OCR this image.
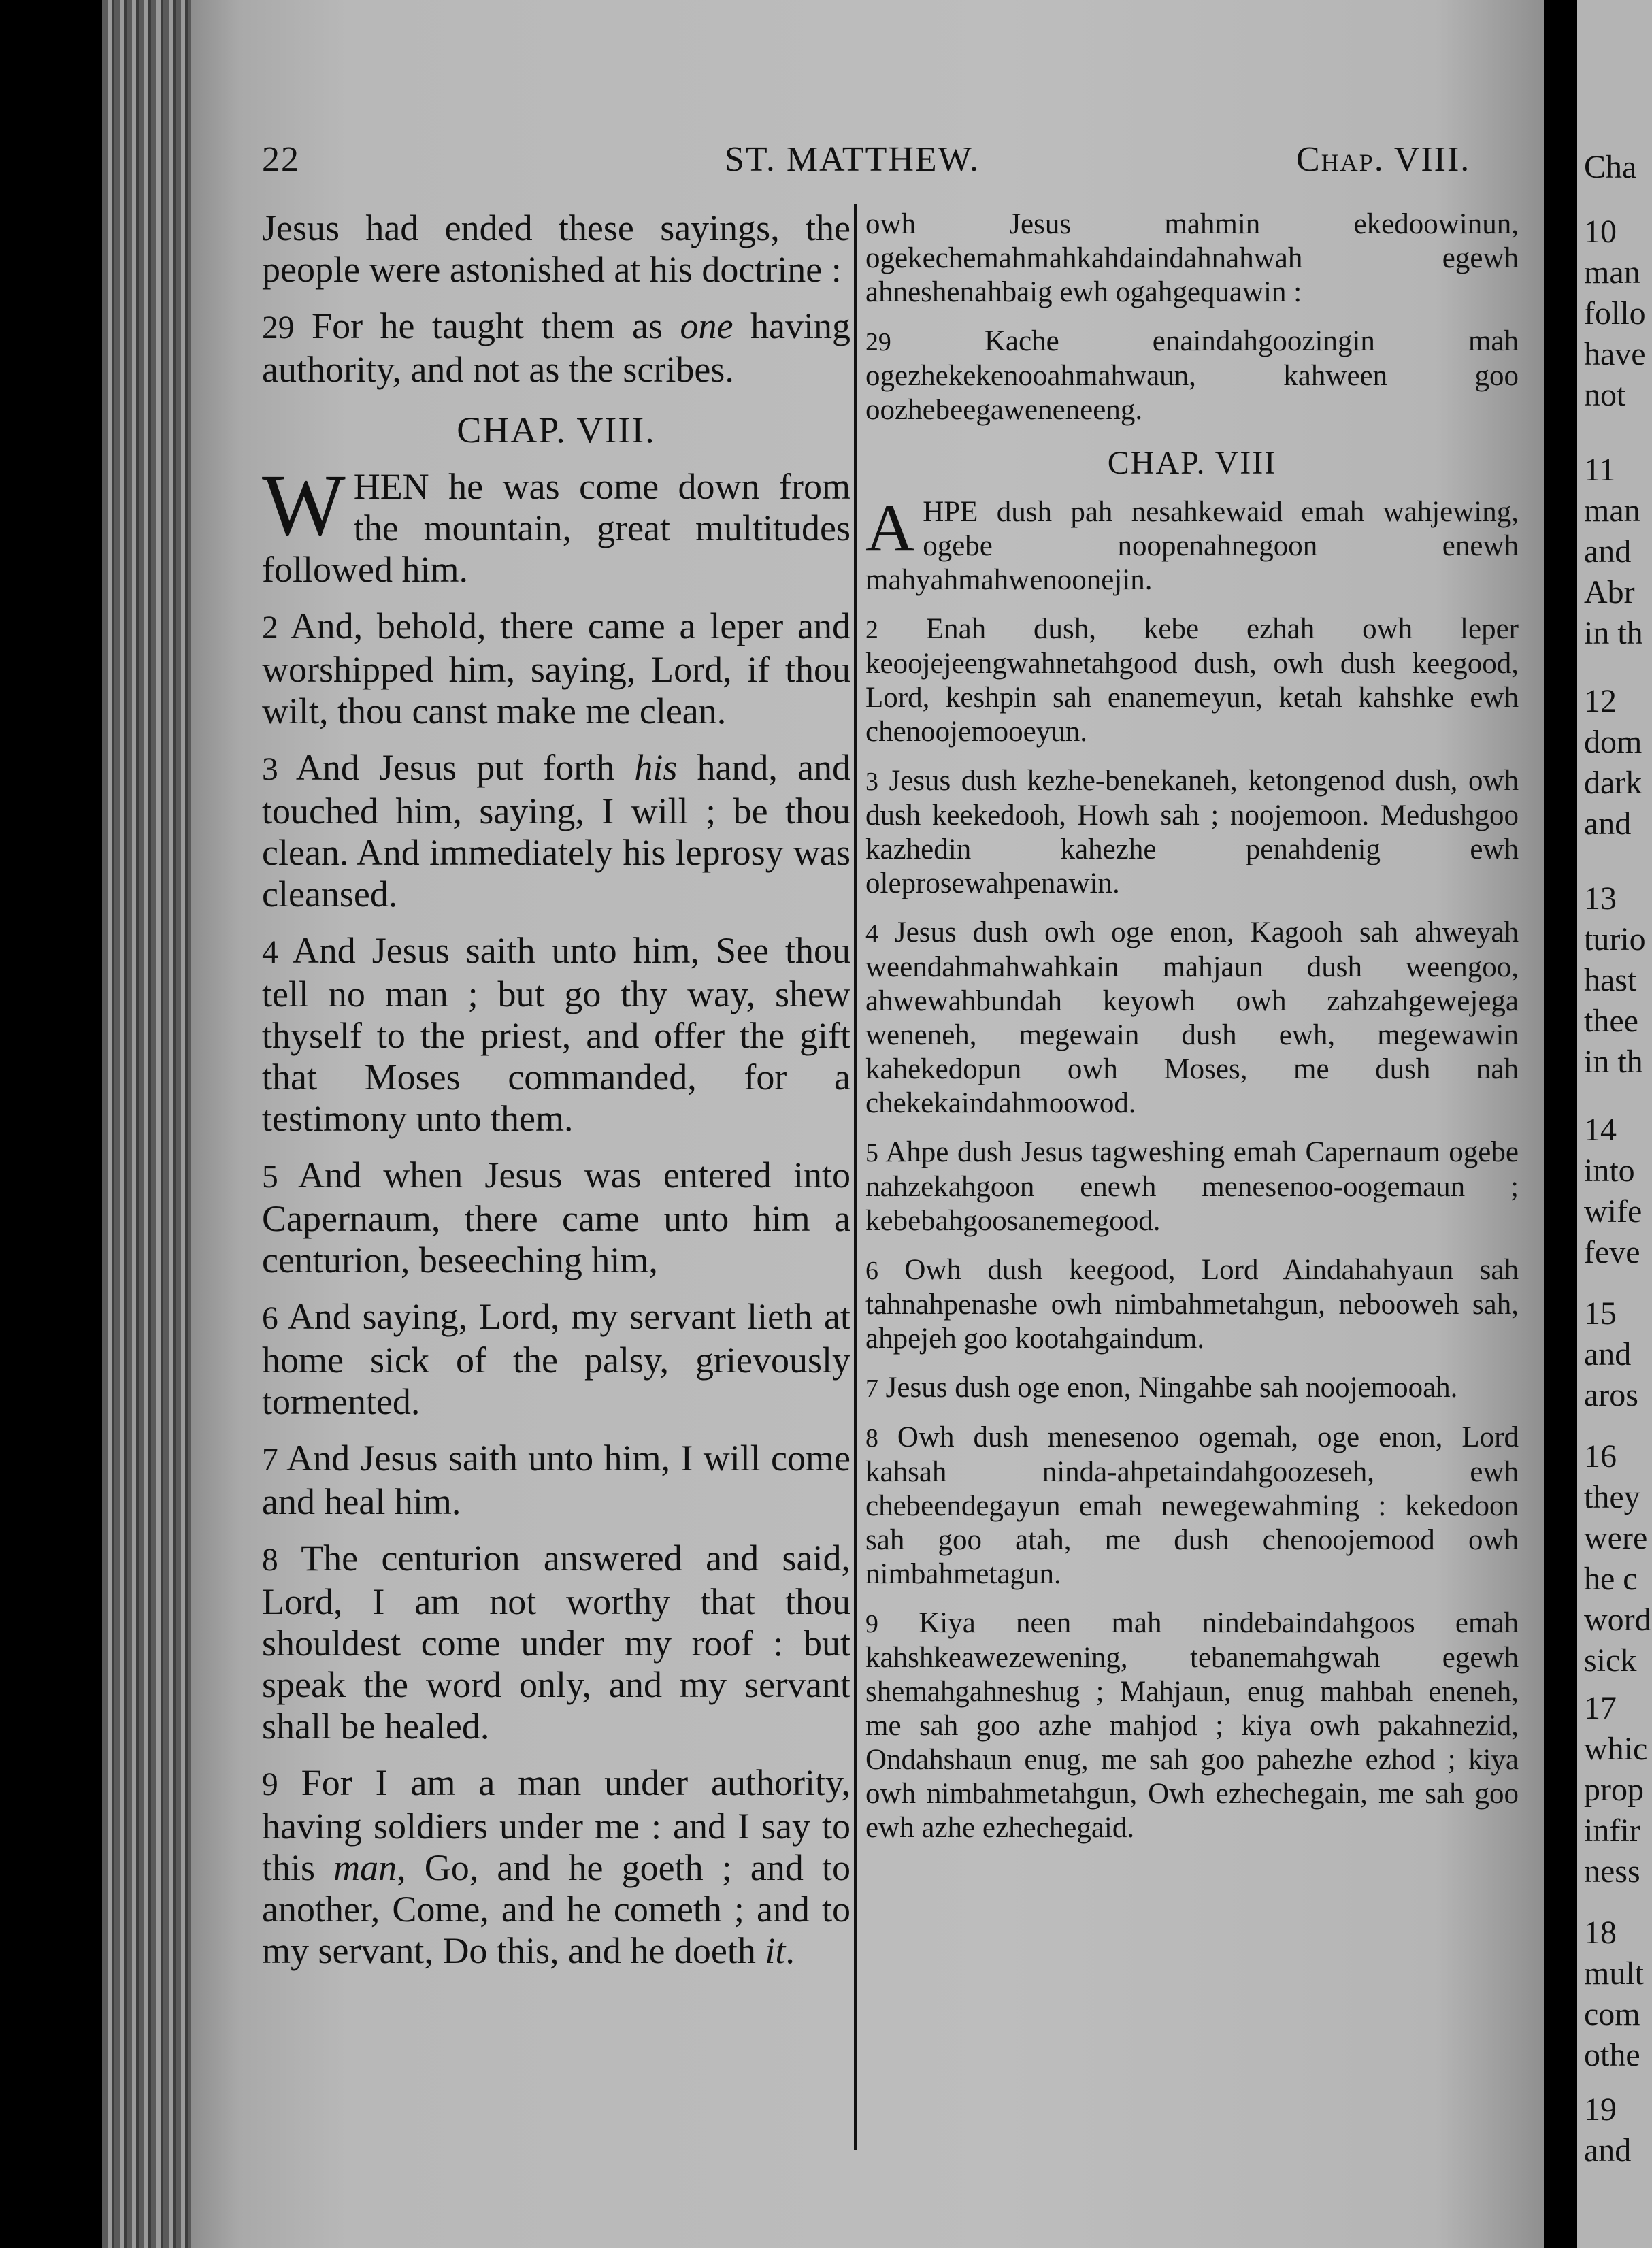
Cha
10
man
follo
have
not
11
man
and
Abr
in th
12
dom
dark
and
13
turio
hast
thee
in th
14
into
wife
feve
15
and
aros
16
they
were
he c
word
sick
17
whic
prop
infir
ness
18
mult
com
othe
19
and
22	ST. MATTHEW.	Chap. VIII.

Jesus had ended these sayings, the people were astonished at his doctrine :

29 For he taught them as one having authority, and not as the scribes.

CHAP. VIII.

WHEN he was come down from the mountain, great multitudes followed him.

2 And, behold, there came a leper and worshipped him, saying, Lord, if thou wilt, thou canst make me clean.

3 And Jesus put forth his hand, and touched him, saying, I will ; be thou clean. And immediately his leprosy was cleansed.

4 And Jesus saith unto him, See thou tell no man ; but go thy way, shew thyself to the priest, and offer the gift that Moses commanded, for a testimony unto them.

5 And when Jesus was entered into Capernaum, there came unto him a centurion, beseeching him,

6 And saying, Lord, my servant lieth at home sick of the palsy, grievously tormented.

7 And Jesus saith unto him, I will come and heal him.

8 The centurion answered and said, Lord, I am not worthy that thou shouldest come under my roof : but speak the word only, and my servant shall be healed.

9 For I am a man under authority, having soldiers under me : and I say to this man, Go, and he goeth ; and to another, Come, and he cometh ; and to my servant, Do this, and he doeth it.

owh Jesus mahmin ekedoowinun, ogekechemahmahkahdaindahnahwah egewh ahneshenahbaig ewh ogahgequawin :

29	Kache enaindahgoozingin mah ogezhekekenooahmahwaun, kahween goo oozhebeegaweneneeng.

CHAP. VIII

AHPE dush pah nesahkewaid emah wahjewing, ogebe noopenahnegoon enewh mahyahmahwenoonejin.

2 Enah dush, kebe ezhah owh leper keoojejeengwahnetahgood dush, owh dush keegood, Lord, keshpin sah enanemeyun, ketah kahshke ewh chenoojemooeyun.

3 Jesus dush kezhe-benekaneh, ketongenod dush, owh dush keekedooh, Howh sah ; noojemoon. Medushgoo kazhedin kahezhe penahdenig ewh oleprosewahpenawin.

4 Jesus dush owh oge enon, Kagooh sah ahweyah weendahmahwahkain mahjaun dush weengoo, ahwewahbundah keyowh owh zahzahgewejega weneneh, megewain dush ewh, megewawin kahekedopun owh Moses, me dush nah chekekaindahmoowod.

5 Ahpe dush Jesus tagweshing emah Capernaum ogebe nahzekahgoon enewh menesenoo-oogemaun ; kebebahgoosanemegood.

6 Owh dush keegood, Lord Aindahahyaun sah tahnahpenashe owh nimbahmetahgun, nebooweh sah, ahpejeh goo kootahgaindum.

7 Jesus dush oge enon, Ningahbe sah noojemooah.

8 Owh dush menesenoo ogemah, oge enon, Lord kahsah ninda-ahpetaindahgoozeseh, ewh chebeendegayun emah newegewahming : kekedoon sah goo atah, me dush chenoojemood owh nimbahmetagun.

9 Kiya neen mah nindebaindahgoos emah kahshkeawezewening, tebanemahgwah egewh shemahgahneshug ; Mahjaun, enug mahbah eneneh, me sah goo azhe mahjod ; kiya owh pakahnezid, Ondahshaun enug, me sah goo pahezhe ezhod ; kiya owh nimbahmetahgun, Owh ezhechegain, me sah goo ewh azhe ezhechegaid.
